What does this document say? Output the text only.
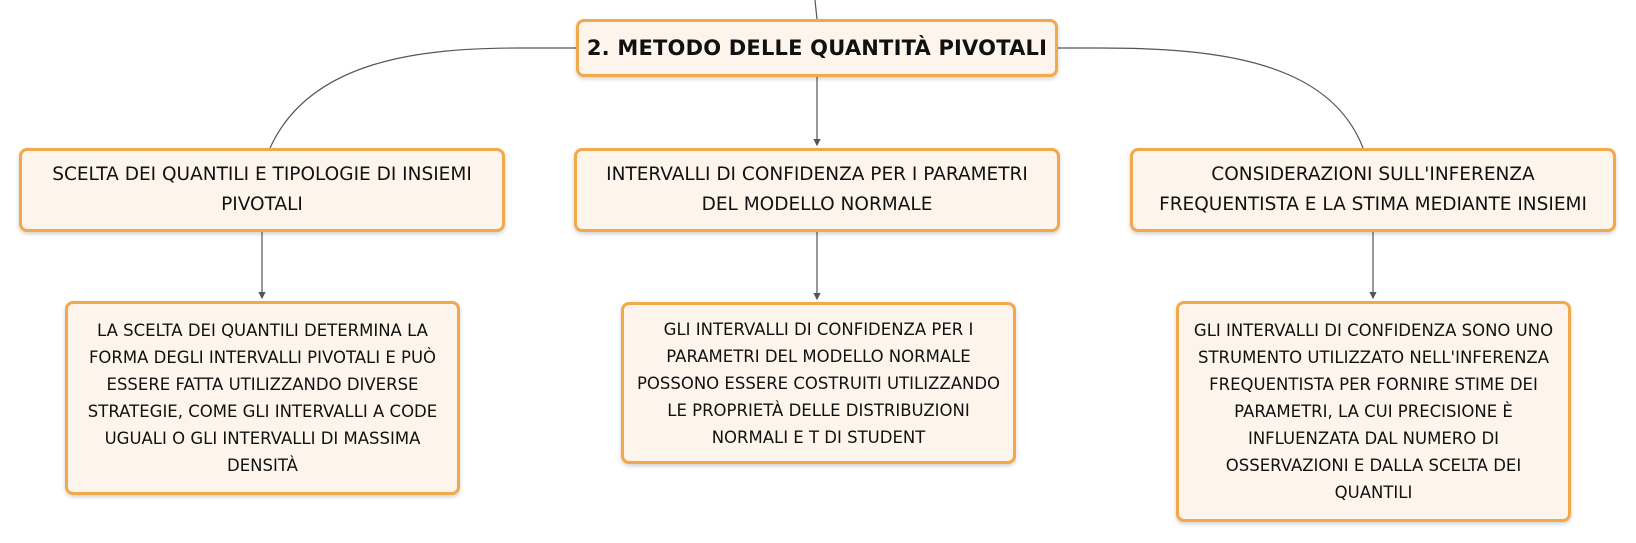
2. METODO DELLE QUANTITÀ PIVOTALI
SCELTA DEI QUANTILI E TIPOLOGIE DI INSIEMI PIVOTALI
INTERVALLI DI CONFIDENZA PER I PARAMETRI DEL MODELLO NORMALE
CONSIDERAZIONI SULL'INFERENZA FREQUENTISTA E LA STIMA MEDIANTE INSIEMI
LA SCELTA DEI QUANTILI DETERMINA LA FORMA DEGLI INTERVALLI PIVOTALI E PUÒ ESSERE FATTA UTILIZZANDO DIVERSE STRATEGIE, COME GLI INTERVALLI A CODE UGUALI O GLI INTERVALLI DI MASSIMA DENSITÀ
GLI INTERVALLI DI CONFIDENZA PER I PARAMETRI DEL MODELLO NORMALE POSSONO ESSERE COSTRUITI UTILIZZANDO LE PROPRIETÀ DELLE DISTRIBUZIONI NORMALI E T DI STUDENT
GLI INTERVALLI DI CONFIDENZA SONO UNO STRUMENTO UTILIZZATO NELL'INFERENZA FREQUENTISTA PER FORNIRE STIME DEI PARAMETRI, LA CUI PRECISIONE È INFLUENZATA DAL NUMERO DI OSSERVAZIONI E DALLA SCELTA DEI QUANTILI
